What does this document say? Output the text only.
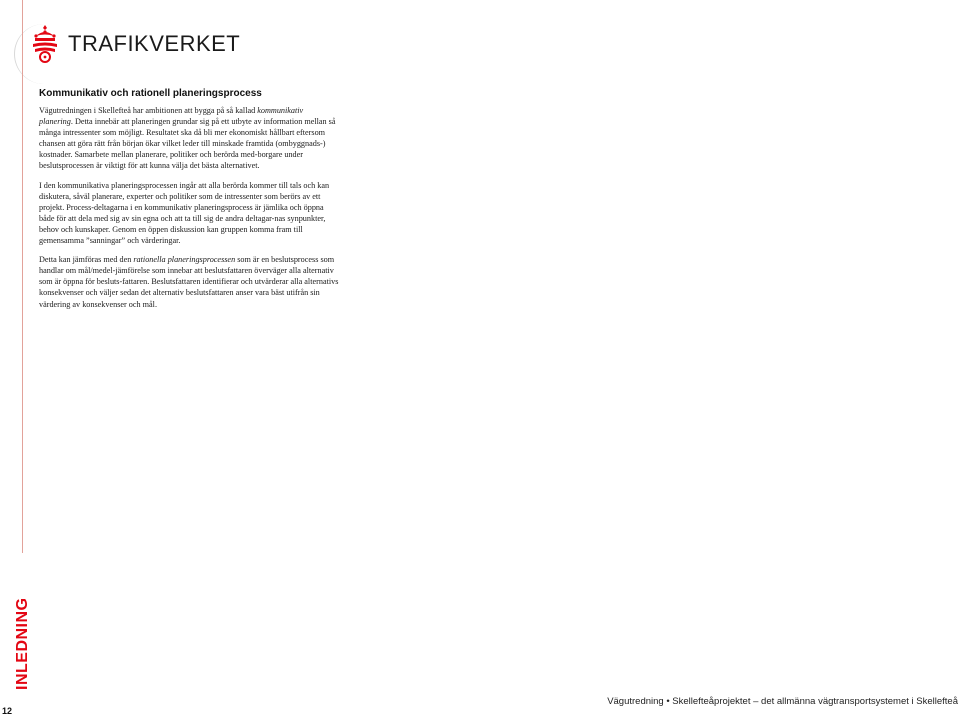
TRAFIKVERKET
Kommunikativ och rationell planeringsprocess

Vägutredningen i Skellefteå har ambitionen att bygga på så kallad kommunikativ planering. Detta innebär att planeringen grundar sig på ett utbyte av information mellan så många intressenter som möjligt. Resultatet ska då bli mer ekonomiskt hållbart eftersom chansen att göra rätt från början ökar vilket leder till minskade framtida (ombyggnads-) kostnader. Samarbete mellan planerare, politiker och berörda med-borgare under beslutsprocessen är viktigt för att kunna välja det bästa alternativet.

I den kommunikativa planeringsprocessen ingår att alla berörda kommer till tals och kan diskutera, såväl planerare, experter och politiker som de intressenter som berörs av ett projekt. Process-deltagarna i en kommunikativ planeringsprocess är jämlika och öppna både för att dela med sig av sin egna och att ta till sig de andra deltagar-nas synpunkter, behov och kunskaper. Genom en öppen diskussion kan gruppen komma fram till gemensamma ”sanningar” och värderingar.

Detta kan jämföras med den rationella planeringsprocessen som är en beslutsprocess som handlar om mål/medel-jämförelse som innebar att beslutsfattaren överväger alla alternativ som är öppna för besluts-fattaren. Beslutsfattaren identifierar och utvärderar alla alternativs konsekvenser och väljer sedan det alternativ beslutsfattaren anser vara bäst utifrån sin värdering av konsekvenser och mål.

INLEDNING
12
Vägutredning • Skellefteåprojektet – det allmänna vägtransportsystemet i Skellefteå
